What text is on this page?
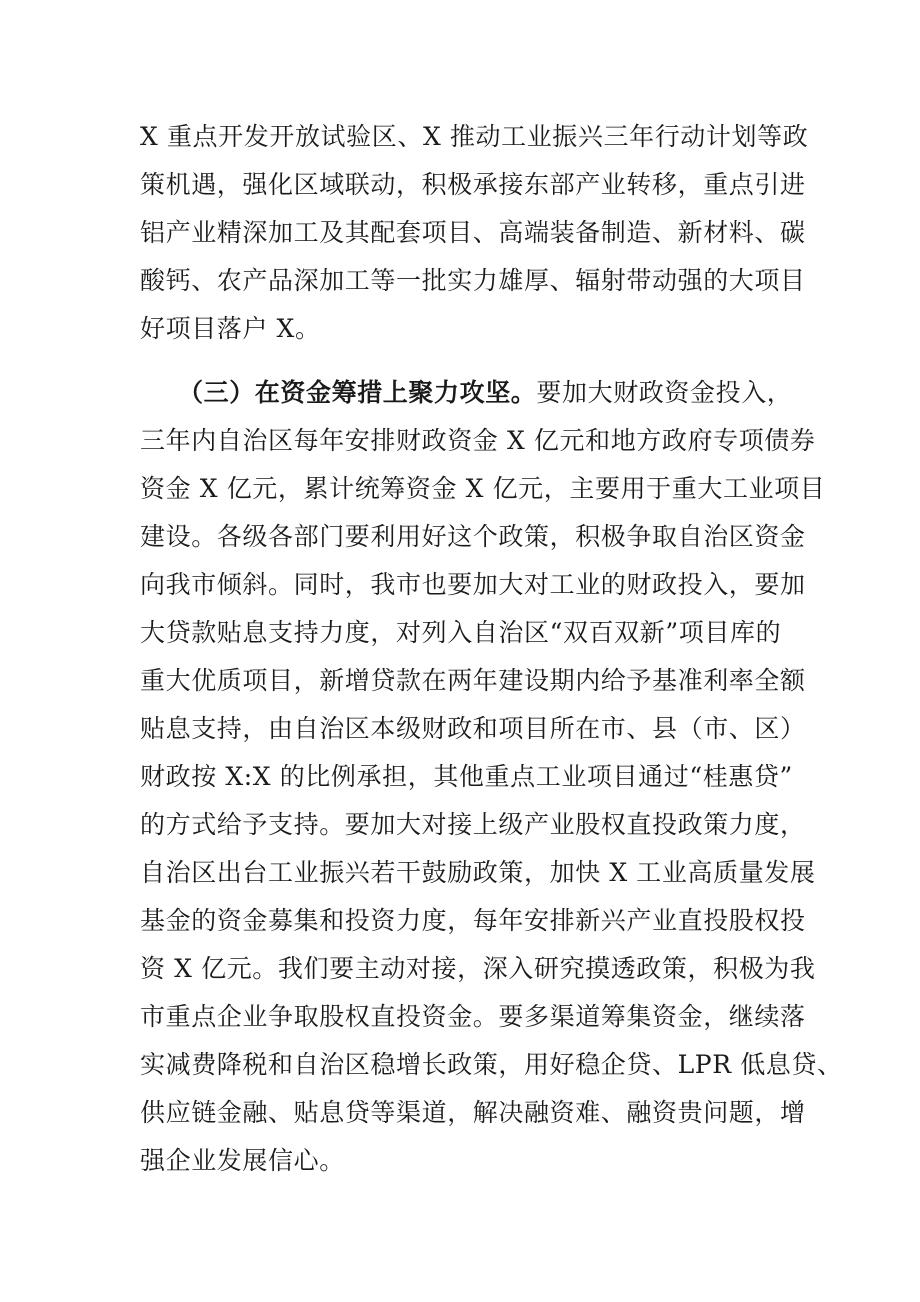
X 重点开发开放试验区、X 推动工业振兴三年行动计划等政
策机遇，强化区域联动，积极承接东部产业转移，重点引进
铝产业精深加工及其配套项目、高端装备制造、新材料、碳
酸钙、农产品深加工等一批实力雄厚、辐射带动强的大项目
好项目落户 X。
（三）在资金筹措上聚力攻坚。要加大财政资金投入，
三年内自治区每年安排财政资金 X 亿元和地方政府专项债券
资金 X 亿元，累计统筹资金 X 亿元，主要用于重大工业项目
建设。各级各部门要利用好这个政策，积极争取自治区资金
向我市倾斜。同时，我市也要加大对工业的财政投入，要加
大贷款贴息支持力度，对列入自治区“双百双新”项目库的
重大优质项目，新增贷款在两年建设期内给予基准利率全额
贴息支持，由自治区本级财政和项目所在市、县（市、区）
财政按 X:X 的比例承担，其他重点工业项目通过“桂惠贷”
的方式给予支持。要加大对接上级产业股权直投政策力度，
自治区出台工业振兴若干鼓励政策，加快 X 工业高质量发展
基金的资金募集和投资力度，每年安排新兴产业直投股权投
资 X 亿元。我们要主动对接，深入研究摸透政策，积极为我
市重点企业争取股权直投资金。要多渠道筹集资金，继续落
实减费降税和自治区稳增长政策，用好稳企贷、LPR 低息贷、
供应链金融、贴息贷等渠道，解决融资难、融资贵问题，增
强企业发展信心。
